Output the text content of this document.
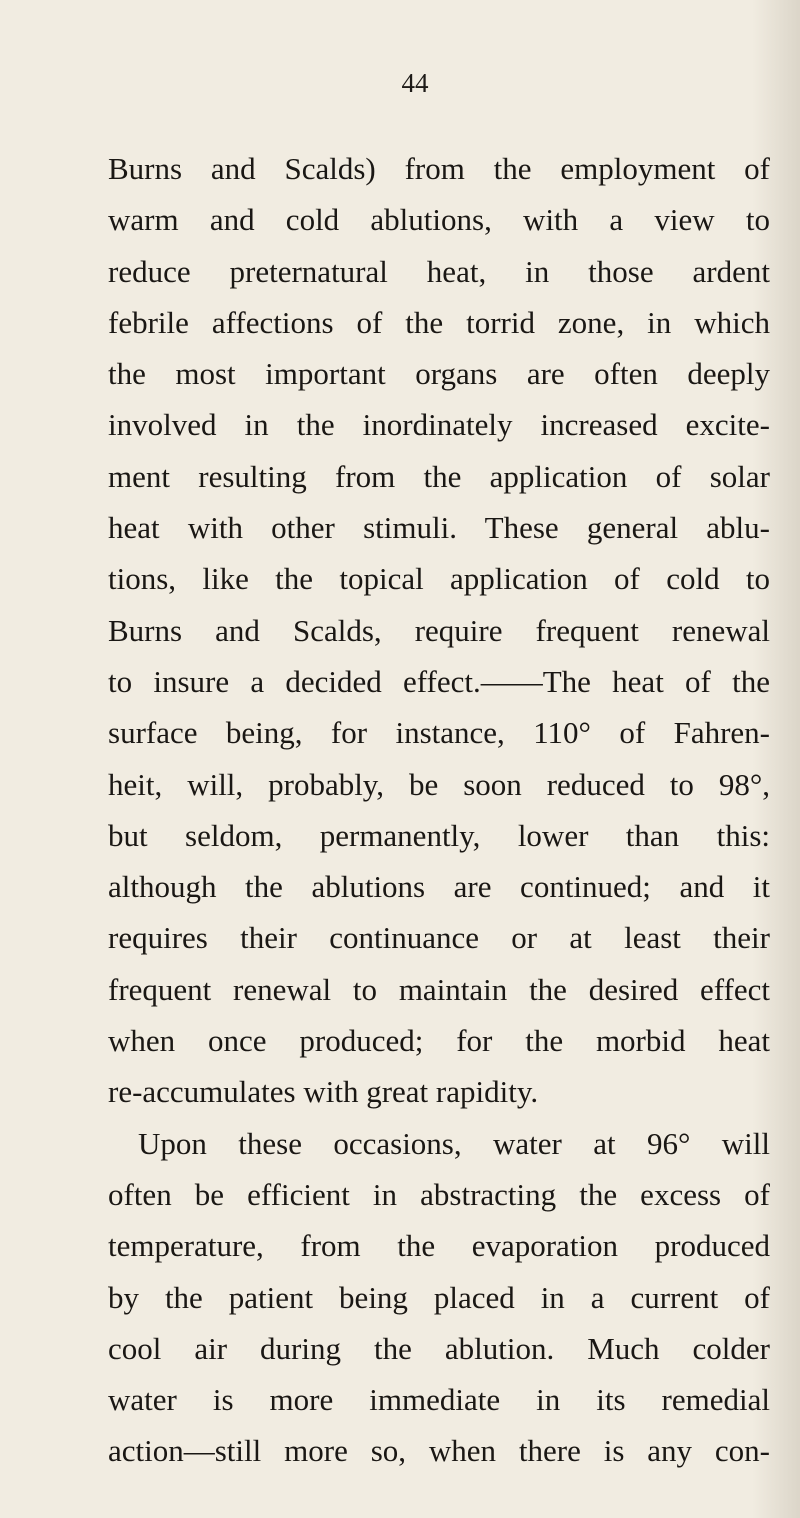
44
Burns and Scalds) from the employment of
warm and cold ablutions, with a view to
reduce preternatural heat, in those ardent
febrile affections of the torrid zone, in which
the most important organs are often deeply
involved in the inordinately increased excite-
ment resulting from the application of solar
heat with other stimuli. These general ablu-
tions, like the topical application of cold to
Burns and Scalds, require frequent renewal
to insure a decided effect.——The heat of the
surface being, for instance, 110° of Fahren-
heit, will, probably, be soon reduced to 98°,
but seldom, permanently, lower than this:
although the ablutions are continued; and it
requires their continuance or at least their
frequent renewal to maintain the desired effect
when once produced; for the morbid heat
re-accumulates with great rapidity.
Upon these occasions, water at 96° will
often be efficient in abstracting the excess of
temperature, from the evaporation produced
by the patient being placed in a current of
cool air during the ablution. Much colder
water is more immediate in its remedial
action—still more so, when there is any con-
